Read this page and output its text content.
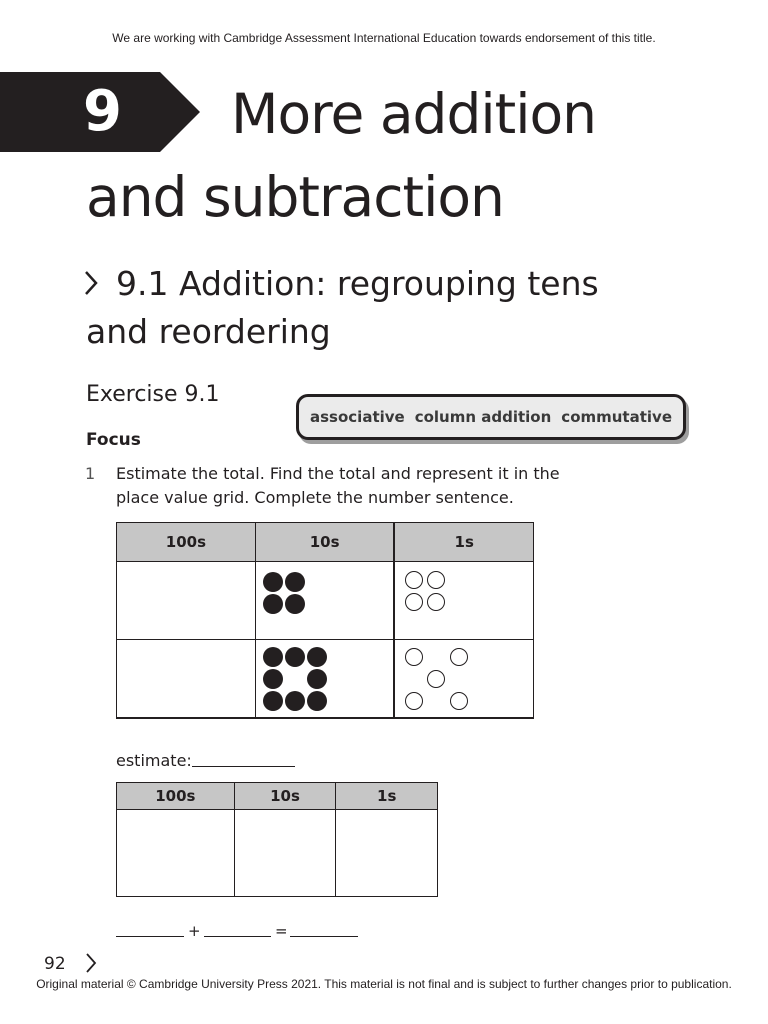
We are working with Cambridge Assessment International Education towards endorsement of this title.
9 More addition
and subtraction
9.1 Addition: regrouping tens
and reordering
Exercise 9.1
Focus
associative column addition commutative
1 Estimate the total. Find the total and represent it in the place value grid. Complete the number sentence.
100s	10s	1s

estimate:
100s	10s	1s

+	=
92
Original material © Cambridge University Press 2021. This material is not final and is subject to further changes prior to publication.
